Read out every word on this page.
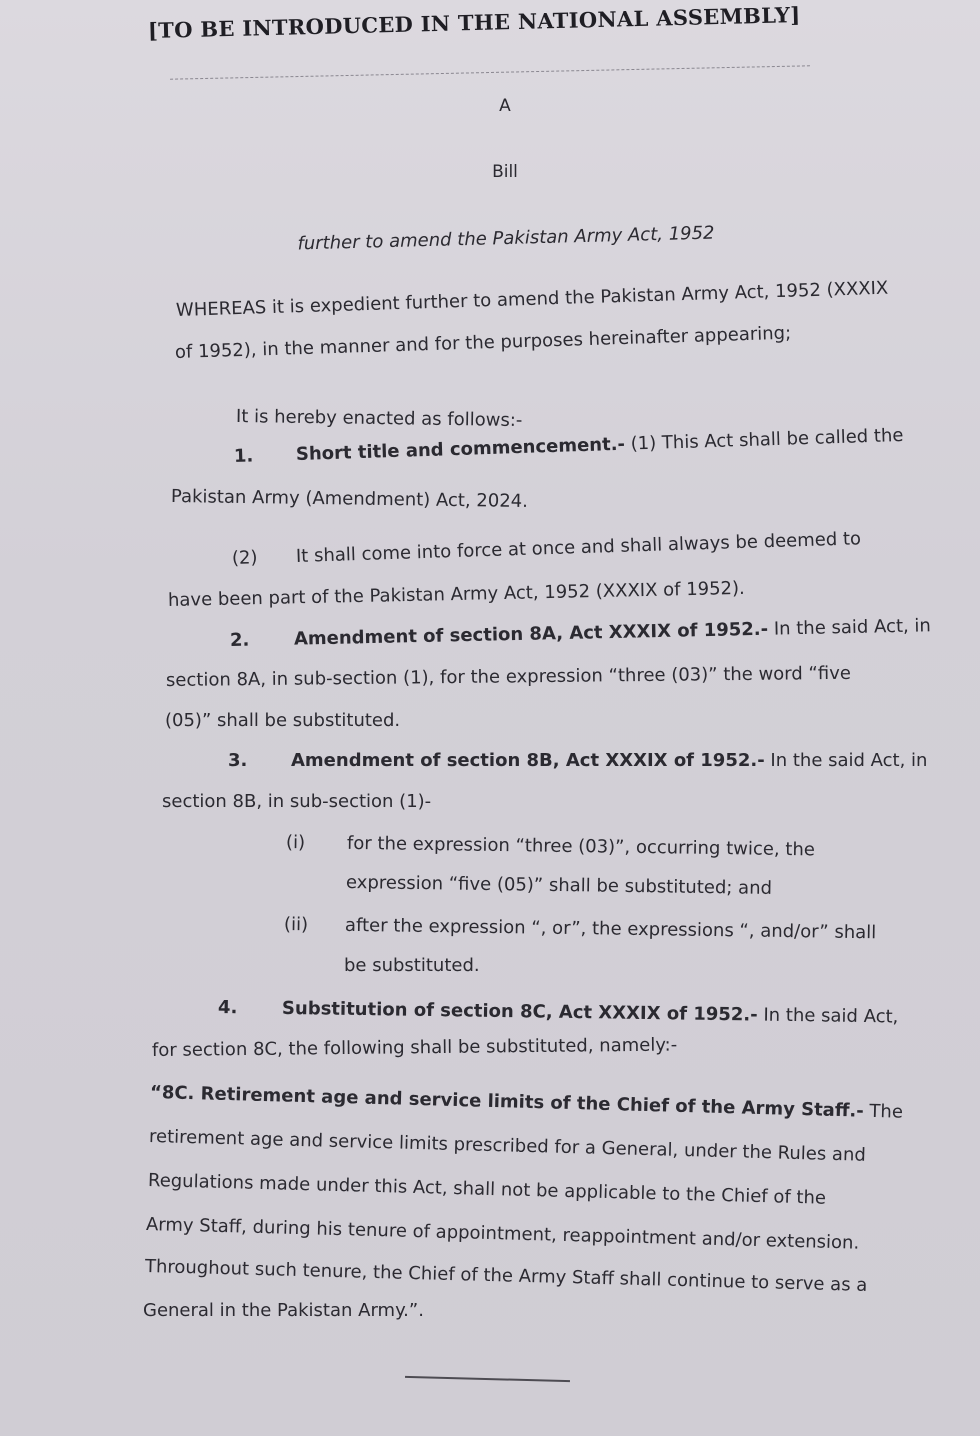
[TO BE INTRODUCED IN THE NATIONAL ASSEMBLY]
A
Bill
further to amend the Pakistan Army Act, 1952
WHEREAS it is expedient further to amend the Pakistan Army Act, 1952 (XXXIX
of 1952), in the manner and for the purposes hereinafter appearing;
It is hereby enacted as follows:-
1. Short title and commencement.- (1) This Act shall be called the
Pakistan Army (Amendment) Act, 2024.
(2) It shall come into force at once and shall always be deemed to
have been part of the Pakistan Army Act, 1952 (XXXIX of 1952).
2. Amendment of section 8A, Act XXXIX of 1952.- In the said Act, in
section 8A, in sub-section (1), for the expression “three (03)” the word “five
(05)” shall be substituted.
3. Amendment of section 8B, Act XXXIX of 1952.- In the said Act, in
section 8B, in sub-section (1)-
(i) for the expression “three (03)”, occurring twice, the
expression “five (05)” shall be substituted; and
(ii) after the expression “, or”, the expressions “, and/or” shall
be substituted.
4. Substitution of section 8C, Act XXXIX of 1952.- In the said Act,
for section 8C, the following shall be substituted, namely:-
“8C. Retirement age and service limits of the Chief of the Army Staff.- The
retirement age and service limits prescribed for a General, under the Rules and
Regulations made under this Act, shall not be applicable to the Chief of the
Army Staff, during his tenure of appointment, reappointment and/or extension.
Throughout such tenure, the Chief of the Army Staff shall continue to serve as a
General in the Pakistan Army.”.
